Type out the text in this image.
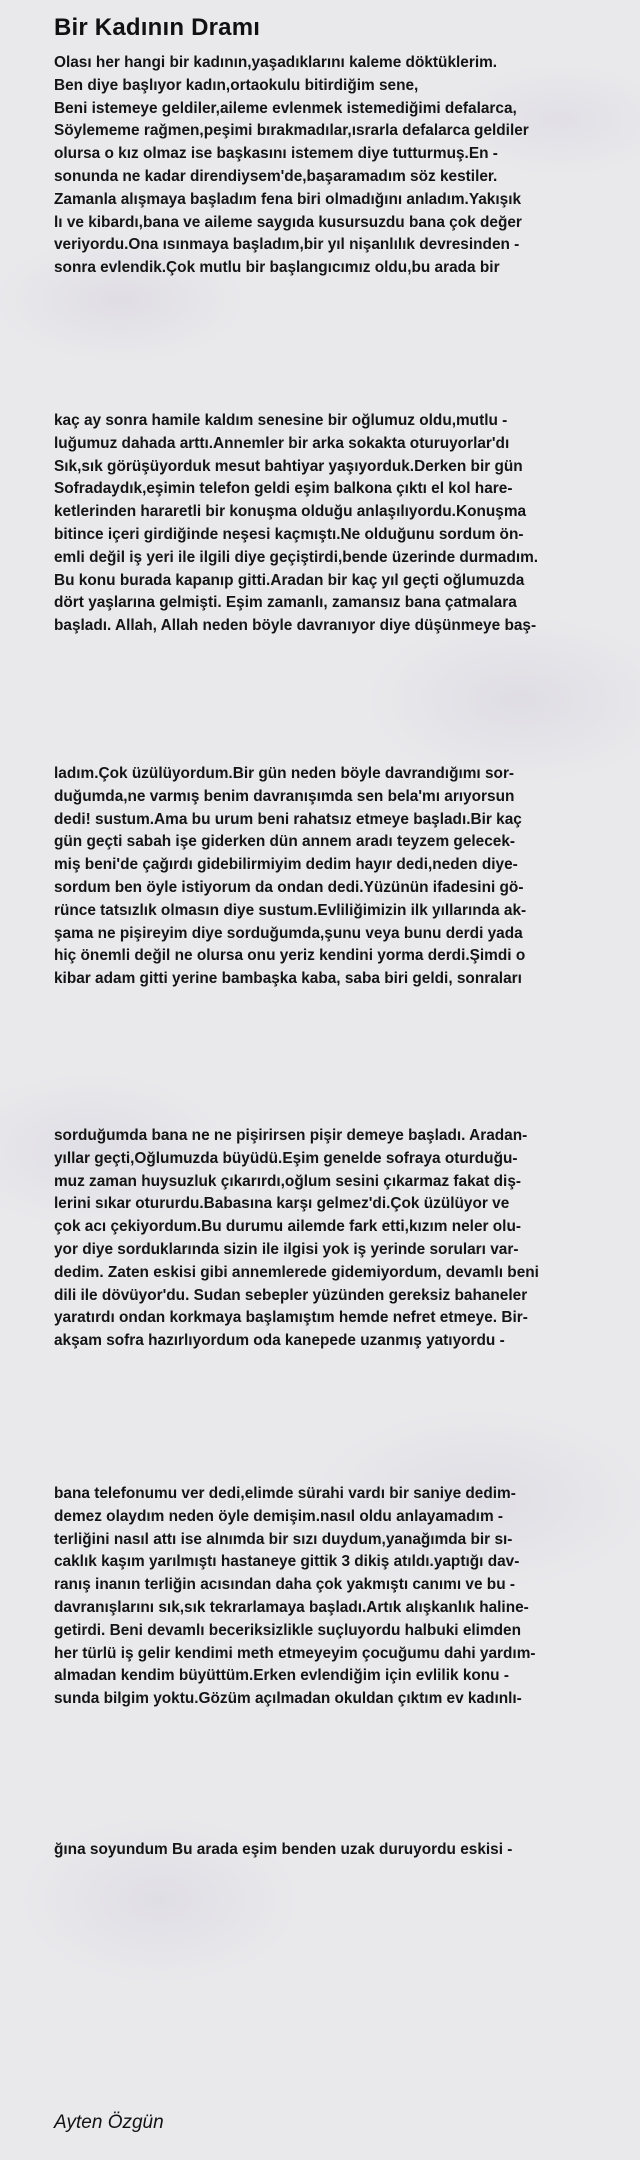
Bir Kadının Dramı
Olası her hangi bir kadının,yaşadıklarını kaleme döktüklerim.
Ben diye başlıyor kadın,ortaokulu bitirdiğim sene,
Beni istemeye geldiler,aileme evlenmek istemediğimi defalarca,
Söylememe rağmen,peşimi bırakmadılar,ısrarla defalarca geldiler
olursa o kız olmaz ise başkasını istemem diye tutturmuş.En -
sonunda ne kadar direndiysem'de,başaramadım söz kestiler.
Zamanla alışmaya başladım fena biri olmadığını anladım.Yakışık
lı ve kibardı,bana ve aileme saygıda kusursuzdu bana çok değer
veriyordu.Ona ısınmaya başladım,bir yıl nişanlılık devresinden -
sonra evlendik.Çok mutlu bir başlangıcımız oldu,bu arada bir
kaç ay sonra hamile kaldım senesine bir oğlumuz oldu,mutlu -
luğumuz dahada arttı.Annemler bir arka sokakta oturuyorlar'dı
Sık,sık görüşüyorduk mesut bahtiyar yaşıyorduk.Derken bir gün
Sofradaydık,eşimin telefon geldi eşim balkona çıktı el kol hare-
ketlerinden hararetli bir konuşma olduğu anlaşılıyordu.Konuşma
bitince içeri girdiğinde neşesi kaçmıştı.Ne olduğunu sordum ön-
emli değil iş yeri ile ilgili diye geçiştirdi,bende üzerinde durmadım.
Bu konu burada kapanıp gitti.Aradan bir kaç yıl geçti oğlumuzda
dört yaşlarına gelmişti. Eşim zamanlı, zamansız bana çatmalara
başladı. Allah, Allah neden böyle davranıyor diye düşünmeye baş-
ladım.Çok üzülüyordum.Bir gün neden böyle davrandığımı sor-
duğumda,ne varmış benim davranışımda sen bela'mı arıyorsun
dedi! sustum.Ama bu urum beni rahatsız etmeye başladı.Bir kaç
gün geçti sabah işe giderken dün annem aradı teyzem gelecek-
miş beni'de çağırdı gidebilirmiyim dedim hayır dedi,neden diye-
sordum ben öyle istiyorum da ondan dedi.Yüzünün ifadesini gö-
rünce tatsızlık olmasın diye sustum.Evliliğimizin ilk yıllarında ak-
şama ne pişireyim diye sorduğumda,şunu veya bunu derdi yada
hiç önemli değil ne olursa onu yeriz kendini yorma derdi.Şimdi o
kibar adam gitti yerine bambaşka kaba, saba biri geldi, sonraları
sorduğumda bana ne ne pişirirsen pişir demeye başladı. Aradan-
yıllar geçti,Oğlumuzda büyüdü.Eşim genelde sofraya oturduğu-
muz zaman huysuzluk çıkarırdı,oğlum sesini çıkarmaz fakat diş-
lerini sıkar otururdu.Babasına karşı gelmez'di.Çok üzülüyor ve
çok acı çekiyordum.Bu durumu ailemde fark etti,kızım neler olu-
yor diye sorduklarında sizin ile ilgisi yok iş yerinde soruları var-
dedim. Zaten eskisi gibi annemlerede gidemiyordum, devamlı beni
dili ile dövüyor'du. Sudan sebepler yüzünden gereksiz bahaneler
yaratırdı ondan korkmaya başlamıştım hemde nefret etmeye. Bir-
akşam sofra hazırlıyordum oda kanepede uzanmış yatıyordu -
bana telefonumu ver dedi,elimde sürahi vardı bir saniye dedim-
demez olaydım neden öyle demişim.nasıl oldu anlayamadım -
terliğini nasıl attı ise alnımda bir sızı duydum,yanağımda bir sı-
caklık kaşım yarılmıştı hastaneye gittik 3 dikiş atıldı.yaptığı dav-
ranış inanın terliğin acısından daha çok yakmıştı canımı ve bu -
davranışlarını sık,sık tekrarlamaya başladı.Artık alışkanlık haline-
getirdi. Beni devamlı beceriksizlikle suçluyordu halbuki elimden
her türlü iş gelir kendimi meth etmeyeyim çocuğumu dahi yardım-
almadan kendim büyüttüm.Erken evlendiğim için evlilik konu -
sunda bilgim yoktu.Gözüm açılmadan okuldan çıktım ev kadınlı-
ğına soyundum Bu arada eşim benden uzak duruyordu eskisi -
Ayten Özgün
